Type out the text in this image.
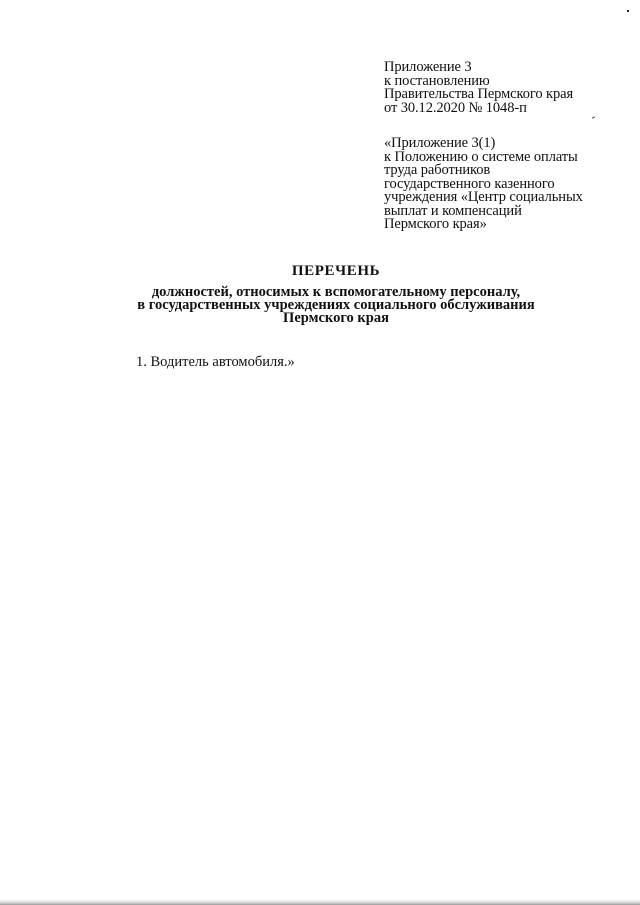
Приложение 3
к постановлению
Правительства Пермского края
от 30.12.2020 № 1048-п
«Приложение 3(1)
к Положению о системе оплаты
труда работников
государственного казенного
учреждения «Центр социальных
выплат и компенсаций
Пермского края»
ПЕРЕЧЕНЬ
должностей, относимых к вспомогательному персоналу,
в государственных учреждениях социального обслуживания
Пермского края
1. Водитель автомобиля.»
